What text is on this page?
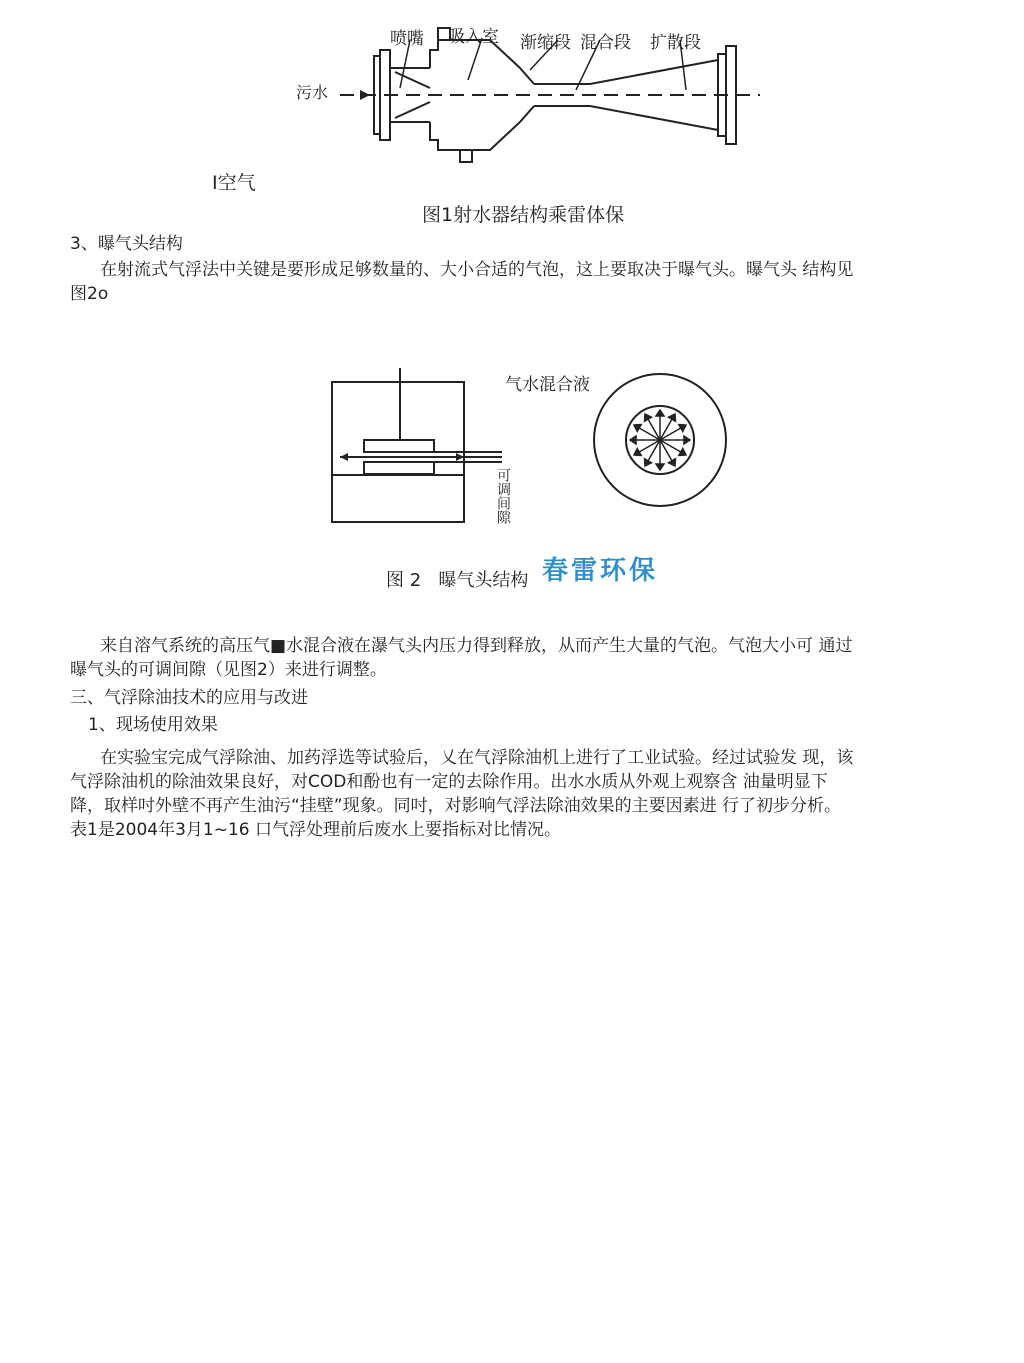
喷嘴 吸入室 渐缩段 混合段 扩散段
污水
I空气
图1射水器结构乘雷体保
3、曝气头结构
在射流式气浮法中关键是要形成足够数量的、大小合适的气泡，这上要取决于曝气头。曝气头 结构见
图2o
气水混合液
可调间隙
图 2   曝气头结构 春雷环保
来自溶气系统的高压气■水混合液在瀑气头内压力得到释放，从而产生大量的气泡。气泡大小可 通过
曝气头的可调间隙（见图2）来进行调整。
三、气浮除油技术的应用与改进
1、现场使用效果
在实验宝完成气浮除油、加药浮选等试验后，乂在气浮除油机上进行了工业试验。经过试验发 现，该
气浮除油机的除油效果良好，对COD和酚也有一定的去除作用。出水水质从外观上观察含 油量明显下
降，取样吋外壁不再产生油污“挂壁”现象。同吋，对影响气浮法除油效果的主要因素进 行了初步分析。
表1是2004年3月1~16 口气浮处理前后废水上要指标对比情况。
